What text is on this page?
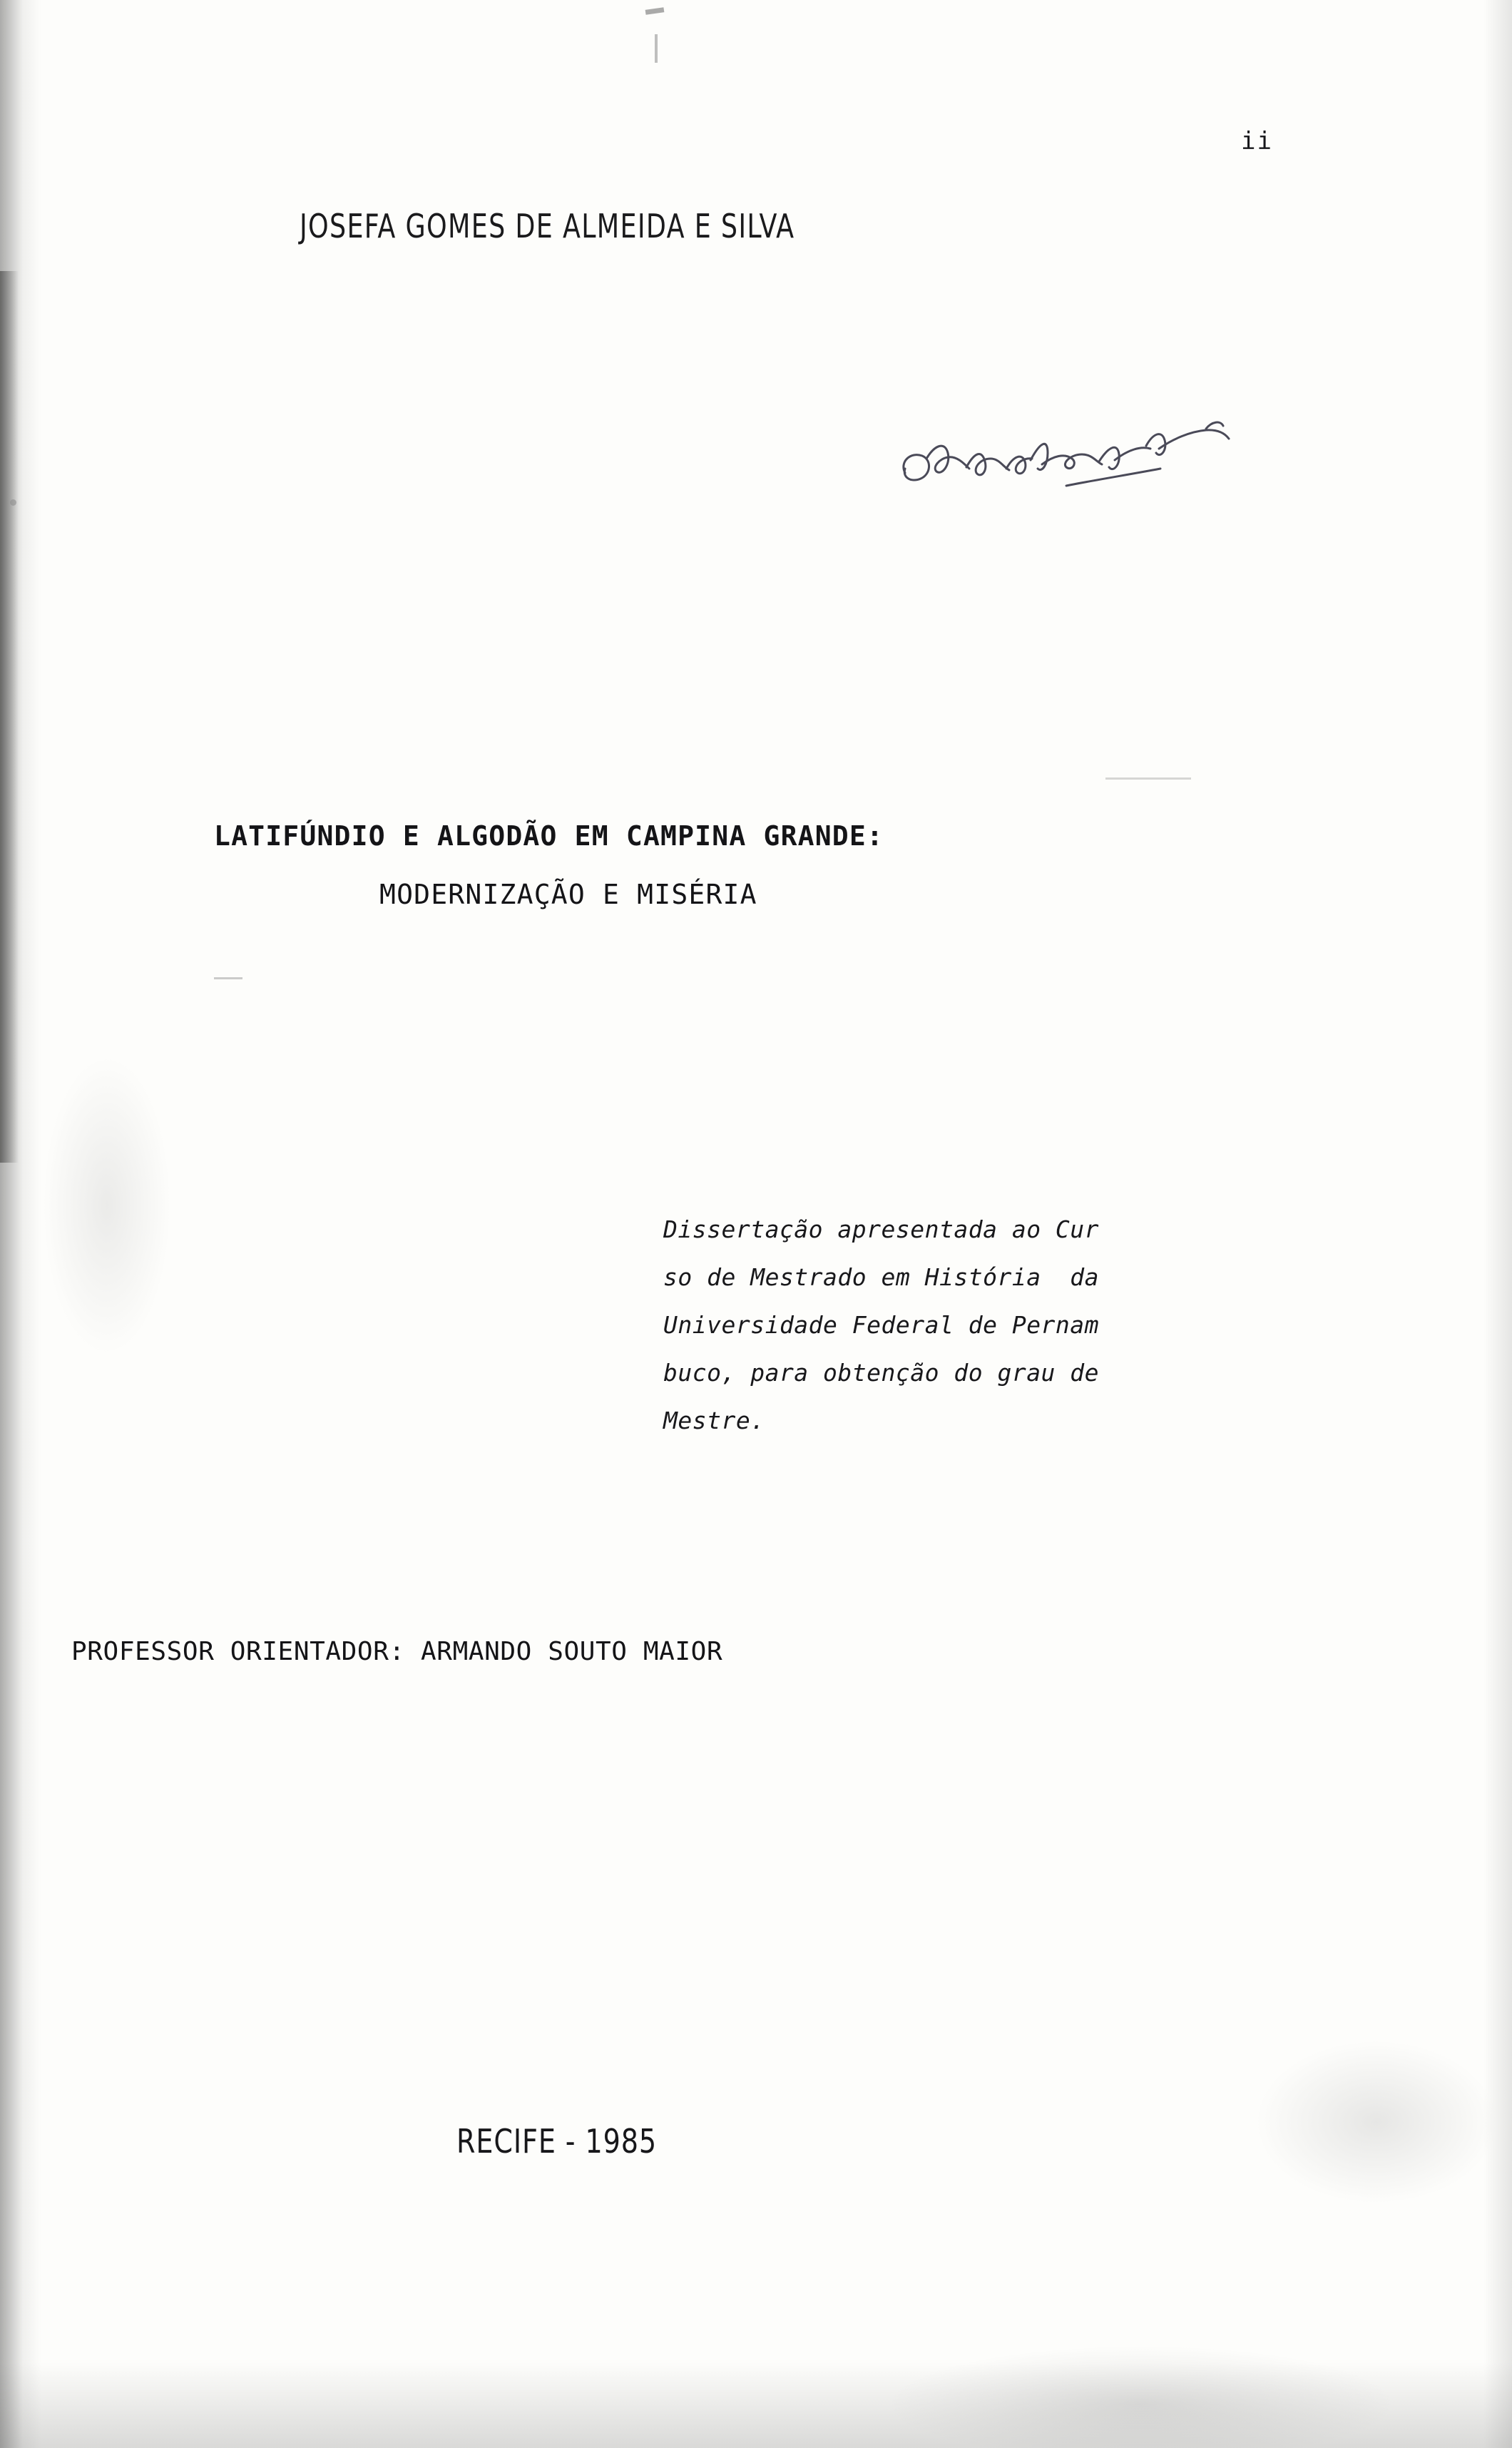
ii
JOSEFA GOMES DE ALMEIDA E SILVA
LATIFÚNDIO E ALGODÃO EM CAMPINA GRANDE:
MODERNIZAÇÃO E MISÉRIA
Dissertação apresentada ao Cur
so de Mestrado em História  da
Universidade Federal de Pernam
buco, para obtenção do grau de
Mestre.
PROFESSOR ORIENTADOR: ARMANDO SOUTO MAIOR
RECIFE - 1985
